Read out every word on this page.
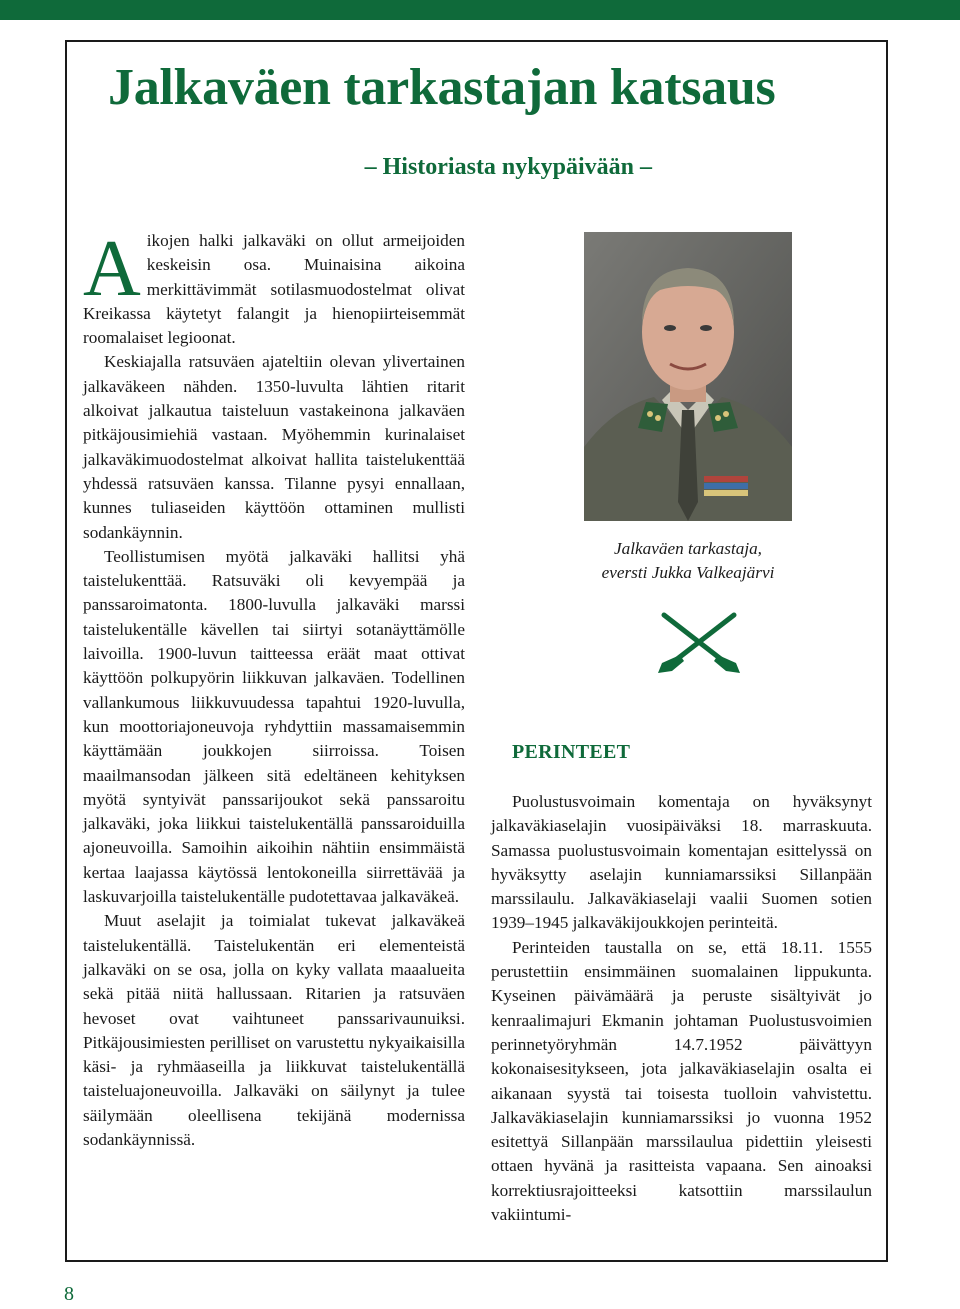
Jalkaväen tarkastajan katsaus
– Historiasta nykypäivään –

Aikojen halki jalkaväki on ollut armeijoiden keskeisin osa. Muinaisina aikoina merkittävimmät sotilasmuodostelmat olivat Kreikassa käytetyt falangit ja hienopiirteisemmät roomalaiset legioonat.

Keskiajalla ratsuväen ajateltiin olevan ylivertainen jalkaväkeen nähden. 1350-luvulta lähtien ritarit alkoivat jalkautua taisteluun vastakeinona jalkaväen pitkäjousimiehiä vastaan. Myöhemmin kurinalaiset jalkaväkimuodostelmat alkoivat hallita taistelukenttää yhdessä ratsuväen kanssa. Tilanne pysyi ennallaan, kunnes tuliaseiden käyttöön ottaminen mullisti sodankäynnin.

Teollistumisen myötä jalkaväki hallitsi yhä taistelukenttää. Ratsuväki oli kevyempää ja panssaroimatonta. 1800-luvulla jalkaväki marssi taistelukentälle kävellen tai siirtyi sotanäyttämölle laivoilla. 1900-luvun taitteessa eräät maat ottivat käyttöön polkupyörin liikkuvan jalkaväen. Todellinen vallankumous liikkuvuudessa tapahtui 1920-luvulla, kun moottoriajoneuvoja ryhdyttiin massamaisemmin käyttämään joukkojen siirroissa. Toisen maailmansodan jälkeen sitä edeltäneen kehityksen myötä syntyivät panssarijoukot sekä panssaroitu jalkaväki, joka liikkui taistelukentällä panssaroiduilla ajoneuvoilla. Samoihin aikoihin nähtiin ensimmäistä kertaa laajassa käytössä lentokoneilla siirrettävää ja laskuvarjoilla taistelukentälle pudotettavaa jalkaväkeä.

Muut aselajit ja toimialat tukevat jalkaväkeä taistelukentällä. Taistelukentän eri elementeistä jalkaväki on se osa, jolla on kyky vallata maaalueita sekä pitää niitä hallussaan. Ritarien ja ratsuväen hevoset ovat vaihtuneet panssarivaunuiksi. Pitkäjousimiesten perilliset on varustettu nykyaikaisilla käsi- ja ryhmäaseilla ja liikkuvat taistelukentällä taisteluajoneuvoilla. Jalkaväki on säilynyt ja tulee säilymään oleellisena tekijänä modernissa sodankäynnissä.

Jalkaväen tarkastaja,
eversti Jukka Valkeajärvi

PERINTEET

Puolustusvoimain komentaja on hyväksynyt jalkaväkiaselajin vuosipäiväksi 18. marraskuuta. Samassa puolustusvoimain komentajan esittelyssä on hyväksytty aselajin kunniamarssiksi Sillanpään marssilaulu. Jalkaväkiaselaji vaalii Suomen sotien 1939–1945 jalkaväkijoukkojen perinteitä.

Perinteiden taustalla on se, että 18.11. 1555 perustettiin ensimmäinen suomalainen lippukunta. Kyseinen päivämäärä ja peruste sisältyivät jo kenraalimajuri Ekmanin johtaman Puolustusvoimien perinnetyöryhmän 14.7.1952 päivättyyn kokonaisesitykseen, jota jalkaväkiaselajin osalta ei aikanaan syystä tai toisesta tuolloin vahvistettu. Jalkaväkiaselajin kunniamarssiksi jo vuonna 1952 esitettyä Sillanpään marssilaulua pidettiin yleisesti ottaen hyvänä ja rasitteista vapaana. Sen ainoaksi korrektiusrajoitteeksi katsottiin marssilaulun vakiintumi-

8
